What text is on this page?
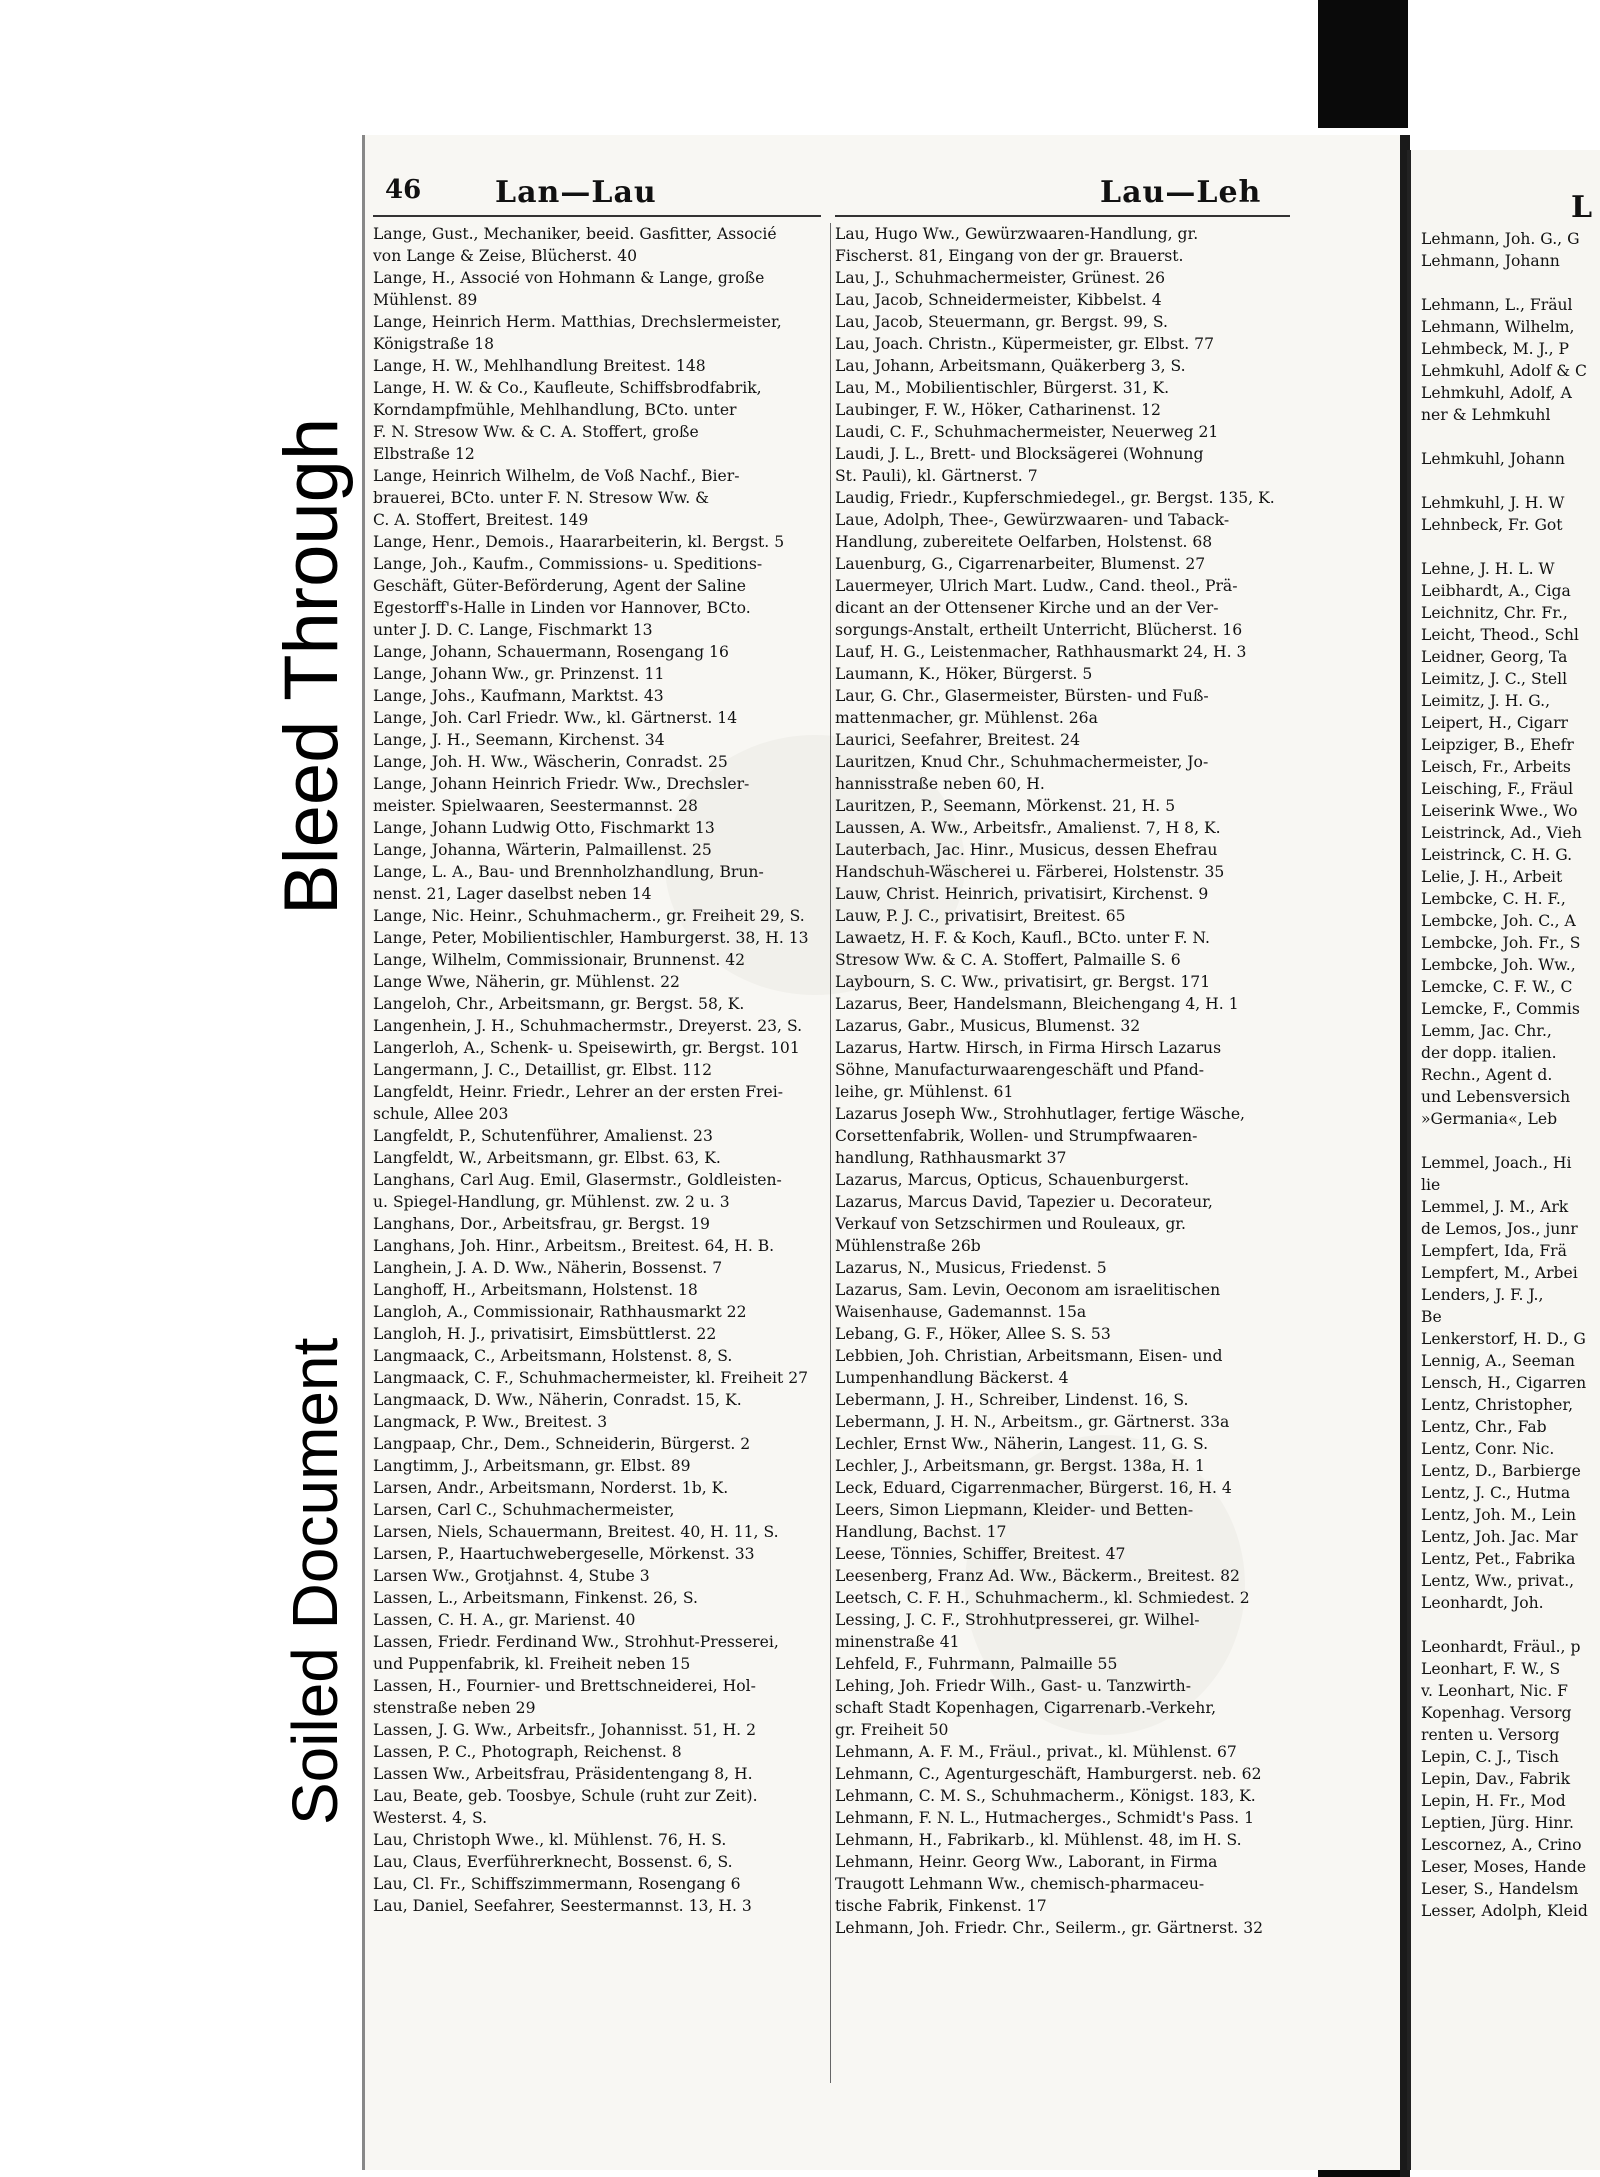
Bleed Through
Soiled Document
46 Lan—Lau	Lau—Leh
Lange, Gust., Mechaniker, beeid. Gasfitter, Associé
von Lange & Zeise, Blücherst. 40
Lange, H., Associé von Hohmann & Lange, große
Mühlenst. 89
Lange, Heinrich Herm. Matthias, Drechslermeister,
Königstraße 18
Lange, H. W., Mehlhandlung Breitest. 148
Lange, H. W. & Co., Kaufleute, Schiffsbrodfabrik,
Korndampfmühle, Mehlhandlung, BCto. unter
F. N. Stresow Ww. & C. A. Stoffert, große
Elbstraße 12
Lange, Heinrich Wilhelm, de Voß Nachf., Bier-
brauerei, BCto. unter F. N. Stresow Ww. &
C. A. Stoffert, Breitest. 149
Lange, Henr., Demois., Haararbeiterin, kl. Bergst. 5
Lange, Joh., Kaufm., Commissions- u. Speditions-
Geschäft, Güter-Beförderung, Agent der Saline
Egestorff's-Halle in Linden vor Hannover, BCto.
unter J. D. C. Lange, Fischmarkt 13
Lange, Johann, Schauermann, Rosengang 16
Lange, Johann Ww., gr. Prinzenst. 11
Lange, Johs., Kaufmann, Marktst. 43
Lange, Joh. Carl Friedr. Ww., kl. Gärtnerst. 14
Lange, J. H., Seemann, Kirchenst. 34
Lange, Joh. H. Ww., Wäscherin, Conradst. 25
Lange, Johann Heinrich Friedr. Ww., Drechsler-
meister. Spielwaaren, Seestermannst. 28
Lange, Johann Ludwig Otto, Fischmarkt 13
Lange, Johanna, Wärterin, Palmaillenst. 25
Lange, L. A., Bau- und Brennholzhandlung, Brun-
nenst. 21, Lager daselbst neben 14
Lange, Nic. Heinr., Schuhmacherm., gr. Freiheit 29, S.
Lange, Peter, Mobilientischler, Hamburgerst. 38, H. 13
Lange, Wilhelm, Commissionair, Brunnenst. 42
Lange Wwe, Näherin, gr. Mühlenst. 22
Langeloh, Chr., Arbeitsmann, gr. Bergst. 58, K.
Langenhein, J. H., Schuhmachermstr., Dreyerst. 23, S.
Langerloh, A., Schenk- u. Speisewirth, gr. Bergst. 101
Langermann, J. C., Detaillist, gr. Elbst. 112
Langfeldt, Heinr. Friedr., Lehrer an der ersten Frei-
schule, Allee 203
Langfeldt, P., Schutenführer, Amalienst. 23
Langfeldt, W., Arbeitsmann, gr. Elbst. 63, K.
Langhans, Carl Aug. Emil, Glasermstr., Goldleisten-
u. Spiegel-Handlung, gr. Mühlenst. zw. 2 u. 3
Langhans, Dor., Arbeitsfrau, gr. Bergst. 19
Langhans, Joh. Hinr., Arbeitsm., Breitest. 64, H. B.
Langhein, J. A. D. Ww., Näherin, Bossenst. 7
Langhoff, H., Arbeitsmann, Holstenst. 18
Langloh, A., Commissionair, Rathhausmarkt 22
Langloh, H. J., privatisirt, Eimsbüttlerst. 22
Langmaack, C., Arbeitsmann, Holstenst. 8, S.
Langmaack, C. F., Schuhmachermeister, kl. Freiheit 27
Langmaack, D. Ww., Näherin, Conradst. 15, K.
Langmack, P. Ww., Breitest. 3
Langpaap, Chr., Dem., Schneiderin, Bürgerst. 2
Langtimm, J., Arbeitsmann, gr. Elbst. 89
Larsen, Andr., Arbeitsmann, Norderst. 1b, K.
Larsen, Carl C., Schuhmachermeister,
Larsen, Niels, Schauermann, Breitest. 40, H. 11, S.
Larsen, P., Haartuchwebergeselle, Mörkenst. 33
Larsen Ww., Grotjahnst. 4, Stube 3
Lassen, L., Arbeitsmann, Finkenst. 26, S.
Lassen, C. H. A., gr. Marienst. 40
Lassen, Friedr. Ferdinand Ww., Strohhut-Presserei,
und Puppenfabrik, kl. Freiheit neben 15
Lassen, H., Fournier- und Brettschneiderei, Hol-
stenstraße neben 29
Lassen, J. G. Ww., Arbeitsfr., Johannisst. 51, H. 2
Lassen, P. C., Photograph, Reichenst. 8
Lassen Ww., Arbeitsfrau, Präsidentengang 8, H.
Lau, Beate, geb. Toosbye, Schule (ruht zur Zeit).
Westerst. 4, S.
Lau, Christoph Wwe., kl. Mühlenst. 76, H. S.
Lau, Claus, Everführerknecht, Bossenst. 6, S.
Lau, Cl. Fr., Schiffszimmermann, Rosengang 6
Lau, Daniel, Seefahrer, Seestermannst. 13, H. 3
Lau, Hugo Ww., Gewürzwaaren-Handlung, gr.
Fischerst. 81, Eingang von der gr. Brauerst.
Lau, J., Schuhmachermeister, Grünest. 26
Lau, Jacob, Schneidermeister, Kibbelst. 4
Lau, Jacob, Steuermann, gr. Bergst. 99, S.
Lau, Joach. Christn., Küpermeister, gr. Elbst. 77
Lau, Johann, Arbeitsmann, Quäkerberg 3, S.
Lau, M., Mobilientischler, Bürgerst. 31, K.
Laubinger, F. W., Höker, Catharinenst. 12
Laudi, C. F., Schuhmachermeister, Neuerweg 21
Laudi, J. L., Brett- und Blocksägerei (Wohnung
St. Pauli), kl. Gärtnerst. 7
Laudig, Friedr., Kupferschmiedegel., gr. Bergst. 135, K.
Laue, Adolph, Thee-, Gewürzwaaren- und Taback-
Handlung, zubereitete Oelfarben, Holstenst. 68
Lauenburg, G., Cigarrenarbeiter, Blumenst. 27
Lauermeyer, Ulrich Mart. Ludw., Cand. theol., Prä-
dicant an der Ottensener Kirche und an der Ver-
sorgungs-Anstalt, ertheilt Unterricht, Blücherst. 16
Lauf, H. G., Leistenmacher, Rathhausmarkt 24, H. 3
Laumann, K., Höker, Bürgerst. 5
Laur, G. Chr., Glasermeister, Bürsten- und Fuß-
mattenmacher, gr. Mühlenst. 26a
Laurici, Seefahrer, Breitest. 24
Lauritzen, Knud Chr., Schuhmachermeister, Jo-
hannisstraße neben 60, H.
Lauritzen, P., Seemann, Mörkenst. 21, H. 5
Laussen, A. Ww., Arbeitsfr., Amalienst. 7, H 8, K.
Lauterbach, Jac. Hinr., Musicus, dessen Ehefrau
Handschuh-Wäscherei u. Färberei, Holstenstr. 35
Lauw, Christ. Heinrich, privatisirt, Kirchenst. 9
Lauw, P. J. C., privatisirt, Breitest. 65
Lawaetz, H. F. & Koch, Kaufl., BCto. unter F. N.
Stresow Ww. & C. A. Stoffert, Palmaille S. 6
Laybourn, S. C. Ww., privatisirt, gr. Bergst. 171
Lazarus, Beer, Handelsmann, Bleichengang 4, H. 1
Lazarus, Gabr., Musicus, Blumenst. 32
Lazarus, Hartw. Hirsch, in Firma Hirsch Lazarus
Söhne, Manufacturwaarengeschäft und Pfand-
leihe, gr. Mühlenst. 61
Lazarus Joseph Ww., Strohhutlager, fertige Wäsche,
Corsettenfabrik, Wollen- und Strumpfwaaren-
handlung, Rathhausmarkt 37
Lazarus, Marcus, Opticus, Schauenburgerst.
Lazarus, Marcus David, Tapezier u. Decorateur,
Verkauf von Setzschirmen und Rouleaux, gr.
Mühlenstraße 26b
Lazarus, N., Musicus, Friedenst. 5
Lazarus, Sam. Levin, Oeconom am israelitischen
Waisenhause, Gademannst. 15a
Lebang, G. F., Höker, Allee S. S. 53
Lebbien, Joh. Christian, Arbeitsmann, Eisen- und
Lumpenhandlung Bäckerst. 4
Lebermann, J. H., Schreiber, Lindenst. 16, S.
Lebermann, J. H. N., Arbeitsm., gr. Gärtnerst. 33a
Lechler, Ernst Ww., Näherin, Langest. 11, G. S.
Lechler, J., Arbeitsmann, gr. Bergst. 138a, H. 1
Leck, Eduard, Cigarrenmacher, Bürgerst. 16, H. 4
Leers, Simon Liepmann, Kleider- und Betten-
Handlung, Bachst. 17
Leese, Tönnies, Schiffer, Breitest. 47
Leesenberg, Franz Ad. Ww., Bäckerm., Breitest. 82
Leetsch, C. F. H., Schuhmacherm., kl. Schmiedest. 2
Lessing, J. C. F., Strohhutpresserei, gr. Wilhel-
minenstraße 41
Lehfeld, F., Fuhrmann, Palmaille 55
Lehing, Joh. Friedr Wilh., Gast- u. Tanzwirth-
schaft Stadt Kopenhagen, Cigarrenarb.-Verkehr,
gr. Freiheit 50
Lehmann, A. F. M., Fräul., privat., kl. Mühlenst. 67
Lehmann, C., Agenturgeschäft, Hamburgerst. neb. 62
Lehmann, C. M. S., Schuhmacherm., Königst. 183, K.
Lehmann, F. N. L., Hutmacherges., Schmidt's Pass. 1
Lehmann, H., Fabrikarb., kl. Mühlenst. 48, im H. S.
Lehmann, Heinr. Georg Ww., Laborant, in Firma
Traugott Lehmann Ww., chemisch-pharmaceu-
tische Fabrik, Finkenst. 17
Lehmann, Joh. Friedr. Chr., Seilerm., gr. Gärtnerst. 32
L
Lehmann, Joh. G., G
Lehmann, Johann

Lehmann, L., Fräul
Lehmann, Wilhelm,
Lehmbeck, M. J., P
Lehmkuhl, Adolf & C
Lehmkuhl, Adolf, A
ner & Lehmkuhl

Lehmkuhl, Johann

Lehmkuhl, J. H. W
Lehnbeck, Fr. Got

Lehne, J. H. L. W
Leibhardt, A., Ciga
Leichnitz, Chr. Fr.,
Leicht, Theod., Schl
Leidner, Georg, Ta
Leimitz, J. C., Stell
Leimitz, J. H. G.,
Leipert, H., Cigarr
Leipziger, B., Ehefr
Leisch, Fr., Arbeits
Leisching, F., Fräul
Leiserink Wwe., Wo
Leistrinck, Ad., Vieh
Leistrinck, C. H. G.
Lelie, J. H., Arbeit
Lembcke, C. H. F.,
Lembcke, Joh. C., A
Lembcke, Joh. Fr., S
Lembcke, Joh. Ww.,
Lemcke, C. F. W., C
Lemcke, F., Commis
Lemm, Jac. Chr.,
der dopp. italien.
Rechn., Agent d.
und Lebensversich
»Germania«, Leb

Lemmel, Joach., Hi
lie
Lemmel, J. M., Ark
de Lemos, Jos., junr
Lempfert, Ida, Frä
Lempfert, M., Arbei
Lenders, J. F. J.,
Be
Lenkerstorf, H. D., G
Lennig, A., Seeman
Lensch, H., Cigarren
Lentz, Christopher,
Lentz, Chr., Fab
Lentz, Conr. Nic.
Lentz, D., Barbierge
Lentz, J. C., Hutma
Lentz, Joh. M., Lein
Lentz, Joh. Jac. Mar
Lentz, Pet., Fabrika
Lentz, Ww., privat.,
Leonhardt, Joh.

Leonhardt, Fräul., p
Leonhart, F. W., S
v. Leonhart, Nic. F
Kopenhag. Versorg
renten u. Versorg
Lepin, C. J., Tisch
Lepin, Dav., Fabrik
Lepin, H. Fr., Mod
Leptien, Jürg. Hinr.
Lescornez, A., Crino
Leser, Moses, Hande
Leser, S., Handelsm
Lesser, Adolph, Kleid
